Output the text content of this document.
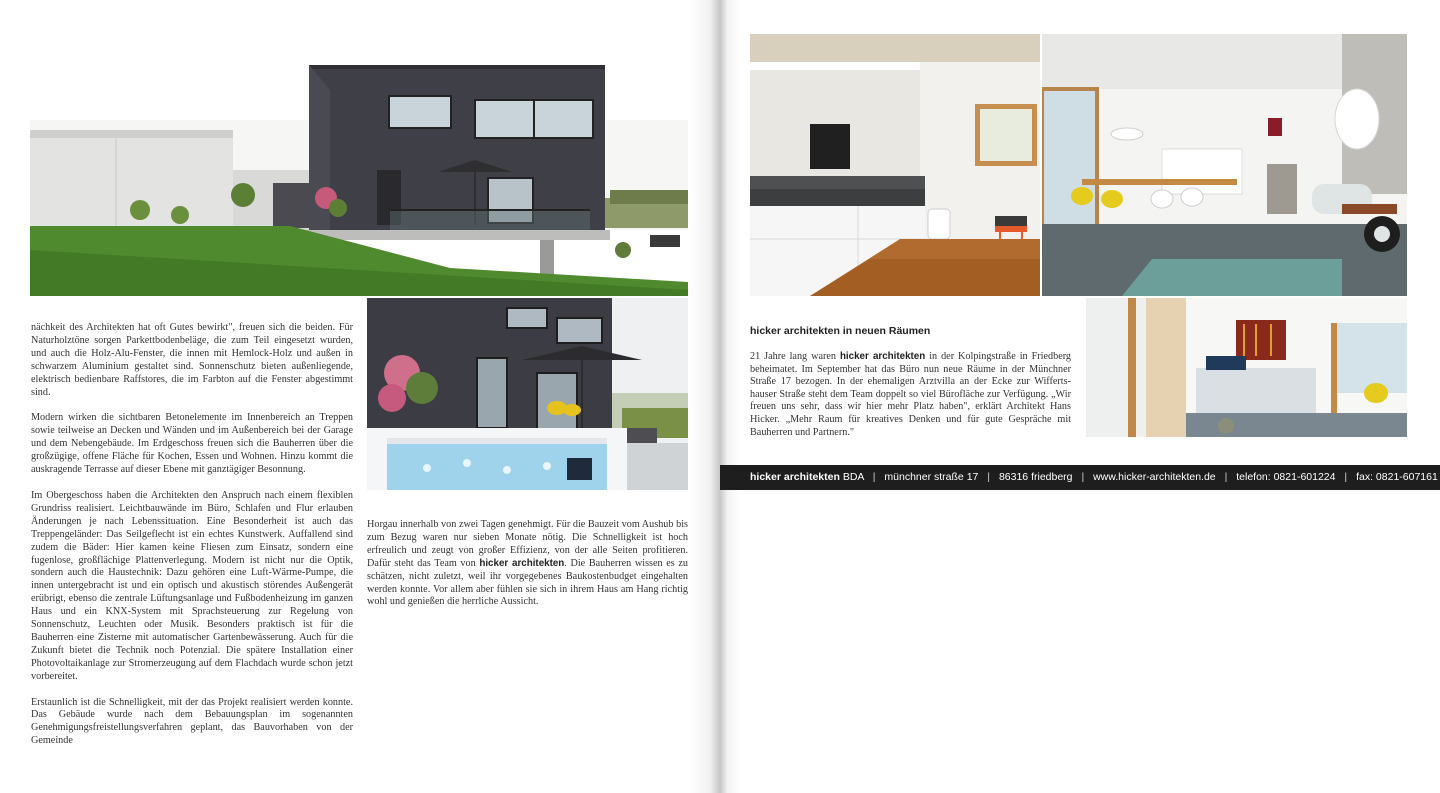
nächkeit des Architekten hat oft Gutes bewirkt", freuen sich die beiden. Für Naturholztöne sorgen Parkettbodenbeläge, die zum Teil eingesetzt wurden, und auch die Holz-Alu-Fenster, die innen mit Hemlock-Holz und außen in schwarzem Aluminium gestaltet sind. Sonnenschutz bieten außenliegende, elektrisch bedienbare Raffstores, die im Farbton auf die Fenster abgestimmt sind.

Modern wirken die sichtbaren Betonelemente im Innenbereich an Treppen sowie teilweise an Decken und Wänden und im Außenbereich bei der Garage und dem Nebengebäude. Im Erdgeschoss freuen sich die Bauherren über die großzügige, offene Fläche für Kochen, Essen und Wohnen. Hinzu kommt die auskragende Terrasse auf dieser Ebene mit ganztägiger Besonnung.

Im Obergeschoss haben die Architekten den Anspruch nach einem flexiblen Grundriss realisiert. Leichtbauwände im Büro, Schlafen und Flur erlauben Änderungen je nach Lebenssituation. Eine Besonderheit ist auch das Treppengeländer: Das Seilgeflecht ist ein echtes Kunstwerk. Auffallend sind zudem die Bäder: Hier kamen keine Fliesen zum Einsatz, sondern eine fugenlose, großflächige Plattenverlegung. Modern ist nicht nur die Optik, sondern auch die Haustechnik: Dazu gehören eine Luft-Wärme-Pumpe, die innen untergebracht ist und ein optisch und akustisch störendes Außengerät erübrigt, ebenso die zentrale Lüftungsanlage und Fußbodenheizung im ganzen Haus und ein KNX-System mit Sprachsteuerung zur Regelung von Sonnenschutz, Leuchten oder Musik. Besonders praktisch ist für die Bauherren eine Zisterne mit automatischer Gartenbewässerung. Auch für die Zukunft bietet die Technik noch Potenzial. Die spätere Installation einer Photovoltaikanlage zur Stromerzeugung auf dem Flachdach wurde schon jetzt vorbereitet.

Erstaunlich ist die Schnelligkeit, mit der das Projekt realisiert werden konnte. Das Gebäude wurde nach dem Bebauungsplan im sogenannten Genehmigungsfreistellungsverfahren geplant, das Bauvorhaben von der Gemeinde

Horgau innerhalb von zwei Tagen genehmigt. Für die Bauzeit vom Aushub bis zum Bezug waren nur sieben Monate nötig. Die Schnelligkeit ist hoch erfreulich und zeugt von großer Effizienz, von der alle Seiten profitieren. Dafür steht das Team von hicker architekten. Die Bauherren wissen es zu schätzen, nicht zuletzt, weil ihr vorgegebenes Baukostenbudget eingehalten werden konnte. Vor allem aber fühlen sie sich in ihrem Haus am Hang richtig wohl und genießen die herrliche Aussicht.

hicker architekten in neuen Räumen

21 Jahre lang waren hicker architekten in der Kolpingstraße in Friedberg beheimatet. Im September hat das Büro nun neue Räume in der Münchner Straße 17 bezogen. In der ehemaligen Arztvilla an der Ecke zur Wifferts-hauser Straße steht dem Team doppelt so viel Bürofläche zur Verfügung. „Wir freuen uns sehr, dass wir hier mehr Platz haben", erklärt Architekt Hans Hicker. „Mehr Raum für kreatives Denken und für gute Gespräche mit Bauherren und Partnern."

hicker architekten BDA | münchner straße 17 | 86316 friedberg | www.hicker-architekten.de | telefon: 0821-601224 | fax: 0821-607161
